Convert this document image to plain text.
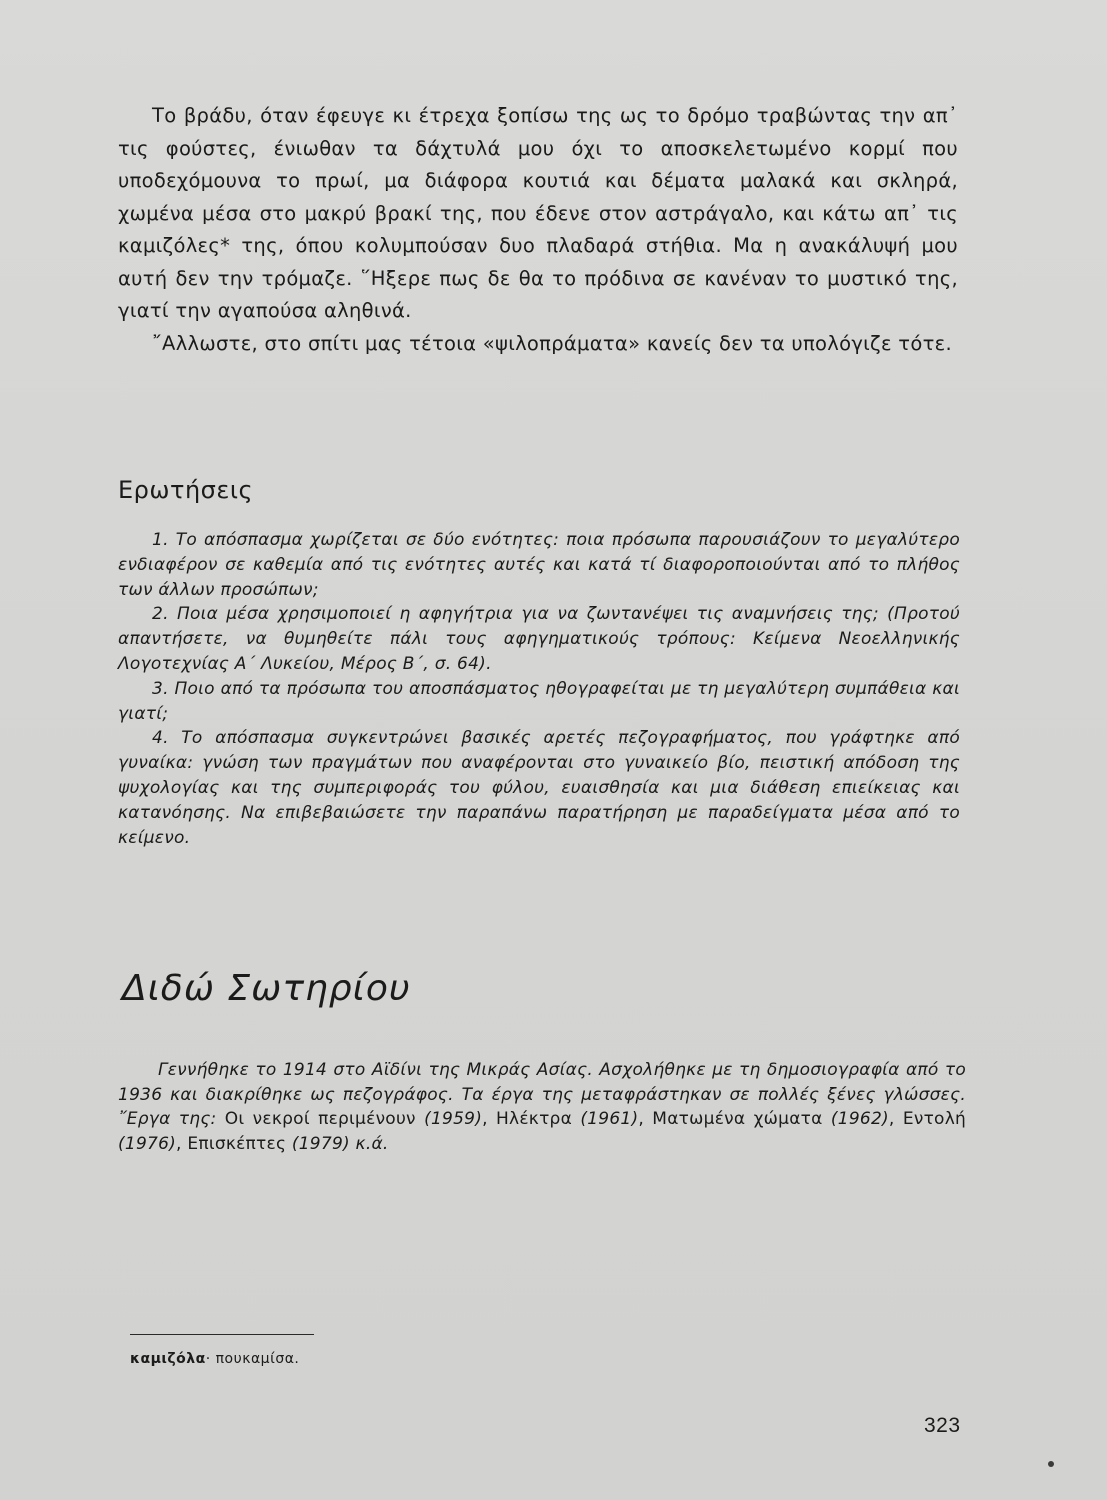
Το βράδυ, όταν έφευγε κι έτρεχα ξοπίσω της ως το δρόμο τραβώντας την απ᾿ τις φούστες, ένιωθαν τα δάχτυλά μου όχι το αποσκελετωμένο κορμί που υποδεχόμουνα το πρωί, μα διάφορα κουτιά και δέματα μαλακά και σκληρά, χωμένα μέσα στο μακρύ βρακί της, που έδενε στον αστράγαλο, και κάτω απ᾿ τις καμιζόλες* της, όπου κολυμπούσαν δυο πλαδαρά στήθια. Μα η ανακάλυψή μου αυτή δεν την τρόμαζε. ῞Ηξερε πως δε θα το πρόδινα σε κανέναν το μυστικό της, γιατί την αγαπούσα αληθινά.

῎Αλλωστε, στο σπίτι μας τέτοια «ψιλοπράματα» κανείς δεν τα υπολόγιζε τότε.

Ερωτήσεις

1. Το απόσπασμα χωρίζεται σε δύο ενότητες: ποια πρόσωπα παρουσιάζουν το μεγαλύτερο ενδιαφέρον σε καθεμία από τις ενότητες αυτές και κατά τί διαφοροποιούνται από το πλήθος των άλλων προσώπων;

2. Ποια μέσα χρησιμοποιεί η αφηγήτρια για να ζωντανέψει τις αναμνήσεις της; (Προτού απαντήσετε, να θυμηθείτε πάλι τους αφηγηματικούς τρόπους: Κείμενα Νεοελληνικής Λογοτεχνίας Α΄ Λυκείου, Μέρος Β΄, σ. 64).

3. Ποιο από τα πρόσωπα του αποσπάσματος ηθογραφείται με τη μεγαλύτερη συμπάθεια και γιατί;

4. Το απόσπασμα συγκεντρώνει βασικές αρετές πεζογραφήματος, που γράφτηκε από γυναίκα: γνώση των πραγμάτων που αναφέρονται στο γυναικείο βίο, πειστική απόδοση της ψυχολογίας και της συμπεριφοράς του φύλου, ευαισθησία και μια διάθεση επιείκειας και κατανόησης. Να επιβεβαιώσετε την παραπάνω παρατήρηση με παραδείγματα μέσα από το κείμενο.

Διδώ Σωτηρίου

Γεννήθηκε το 1914 στο Αϊδίνι της Μικράς Ασίας. Ασχολήθηκε με τη δημοσιογραφία από το 1936 και διακρίθηκε ως πεζογράφος. Τα έργα της μεταφράστηκαν σε πολλές ξένες γλώσσες. ῎Εργα της: Οι νεκροί περιμένουν (1959), Ηλέκτρα (1961), Ματωμένα χώματα (1962), Εντολή (1976), Επισκέπτες (1979) κ.ά.

καμιζόλα· πουκαμίσα.
323
